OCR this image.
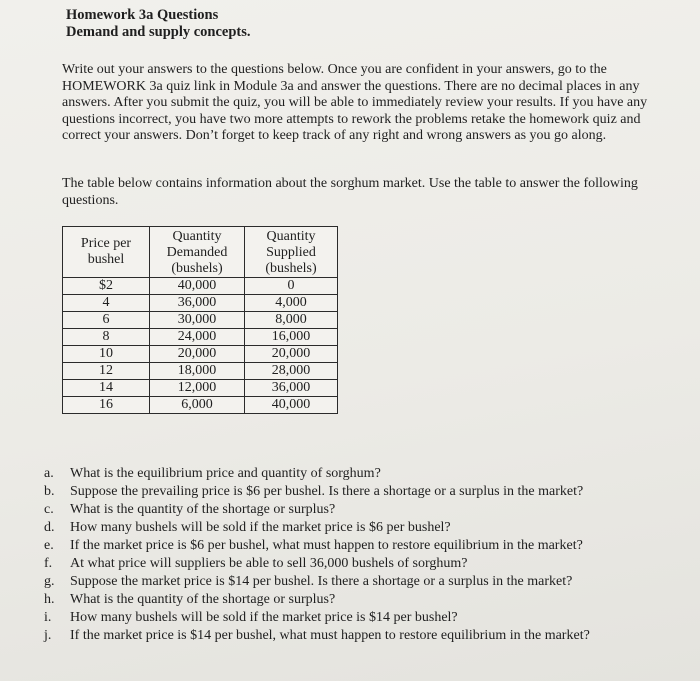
Homework 3a Questions
Demand and supply concepts.
Write out your answers to the questions below. Once you are confident in your answers, go to the HOMEWORK 3a quiz link in Module 3a and answer the questions. There are no decimal places in any answers. After you submit the quiz, you will be able to immediately review your results. If you have any questions incorrect, you have two more attempts to rework the problems retake the homework quiz and correct your answers. Don’t forget to keep track of any right and wrong answers as you go along.
The table below contains information about the sorghum market. Use the table to answer the following questions.
Price per bushel	Quantity Demanded (bushels)	Quantity Supplied (bushels)
$2	40,000	0
4	36,000	4,000
6	30,000	8,000
8	24,000	16,000
10	20,000	20,000
12	18,000	28,000
14	12,000	36,000
16	6,000	40,000
a.	What is the equilibrium price and quantity of sorghum?
b.	Suppose the prevailing price is $6 per bushel. Is there a shortage or a surplus in the market?
c.	What is the quantity of the shortage or surplus?
d.	How many bushels will be sold if the market price is $6 per bushel?
e.	If the market price is $6 per bushel, what must happen to restore equilibrium in the market?
f.	At what price will suppliers be able to sell 36,000 bushels of sorghum?
g.	Suppose the market price is $14 per bushel. Is there a shortage or a surplus in the market?
h.	What is the quantity of the shortage or surplus?
i.	How many bushels will be sold if the market price is $14 per bushel?
j.	If the market price is $14 per bushel, what must happen to restore equilibrium in the market?
